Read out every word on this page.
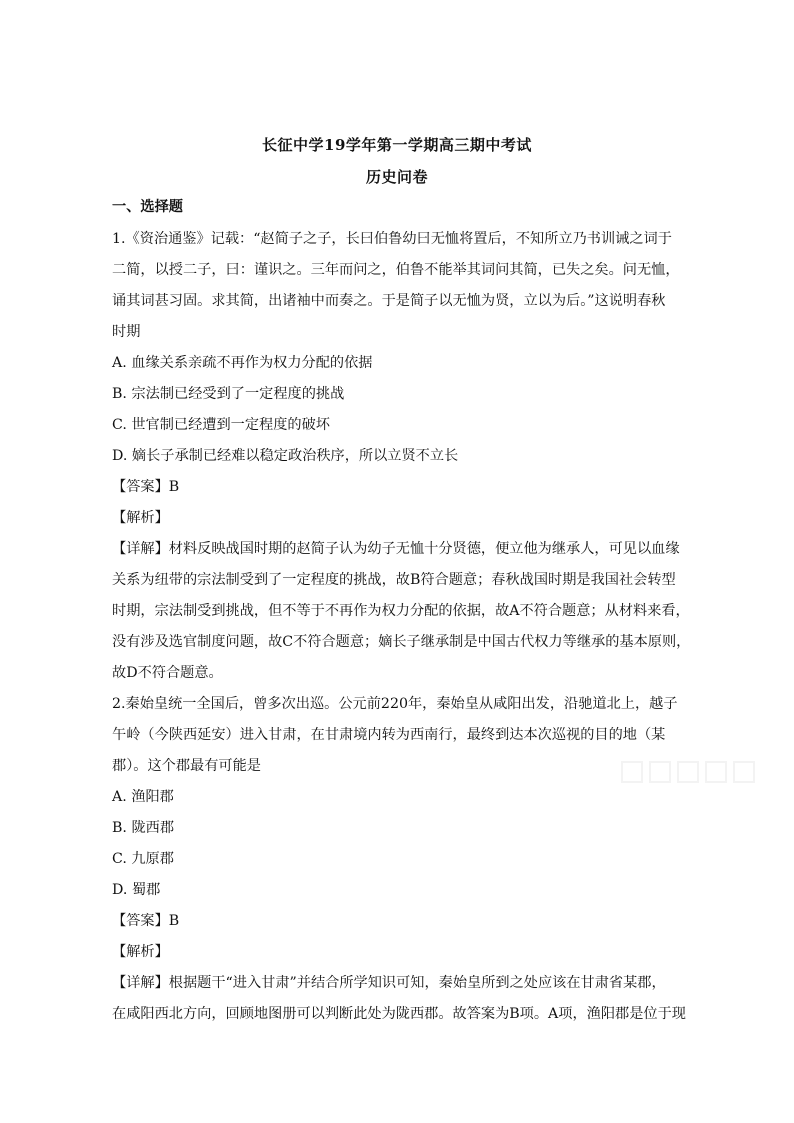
长征中学19学年第一学期高三期中考试
历史问卷
一、选择题
1.《资治通鉴》记载：“赵简子之子，长曰伯鲁幼曰无恤将置后，不知所立乃书训诫之词于
二简，以授二子，曰：谨识之。三年而问之，伯鲁不能举其词问其简，已失之矣。问无恤，
诵其词甚习固。求其简，出诸袖中而奏之。于是简子以无恤为贤，立以为后。”这说明春秋
时期
A. 血缘关系亲疏不再作为权力分配的依据
B. 宗法制已经受到了一定程度的挑战
C. 世官制已经遭到一定程度的破坏
D. 嫡长子承制已经难以稳定政治秩序，所以立贤不立长
【答案】B
【解析】
【详解】材料反映战国时期的赵简子认为幼子无恤十分贤德，便立他为继承人，可见以血缘
关系为纽带的宗法制受到了一定程度的挑战，故B符合题意；春秋战国时期是我国社会转型
时期，宗法制受到挑战，但不等于不再作为权力分配的依据，故A不符合题意；从材料来看，
没有涉及选官制度问题，故C不符合题意；嫡长子继承制是中国古代权力等继承的基本原则，
故D不符合题意。
2.秦始皇统一全国后，曾多次出巡。公元前220年，秦始皇从咸阳出发，沿驰道北上，越子
午岭（今陕西延安）进入甘肃，在甘肃境内转为西南行，最终到达本次巡视的目的地（某
郡）。这个郡最有可能是
A. 渔阳郡
B. 陇西郡
C. 九原郡
D. 蜀郡
【答案】B
【解析】
【详解】根据题干“进入甘肃”并结合所学知识可知，秦始皇所到之处应该在甘肃省某郡，
在咸阳西北方向，回顾地图册可以判断此处为陇西郡。故答案为B项。A项，渔阳郡是位于现
